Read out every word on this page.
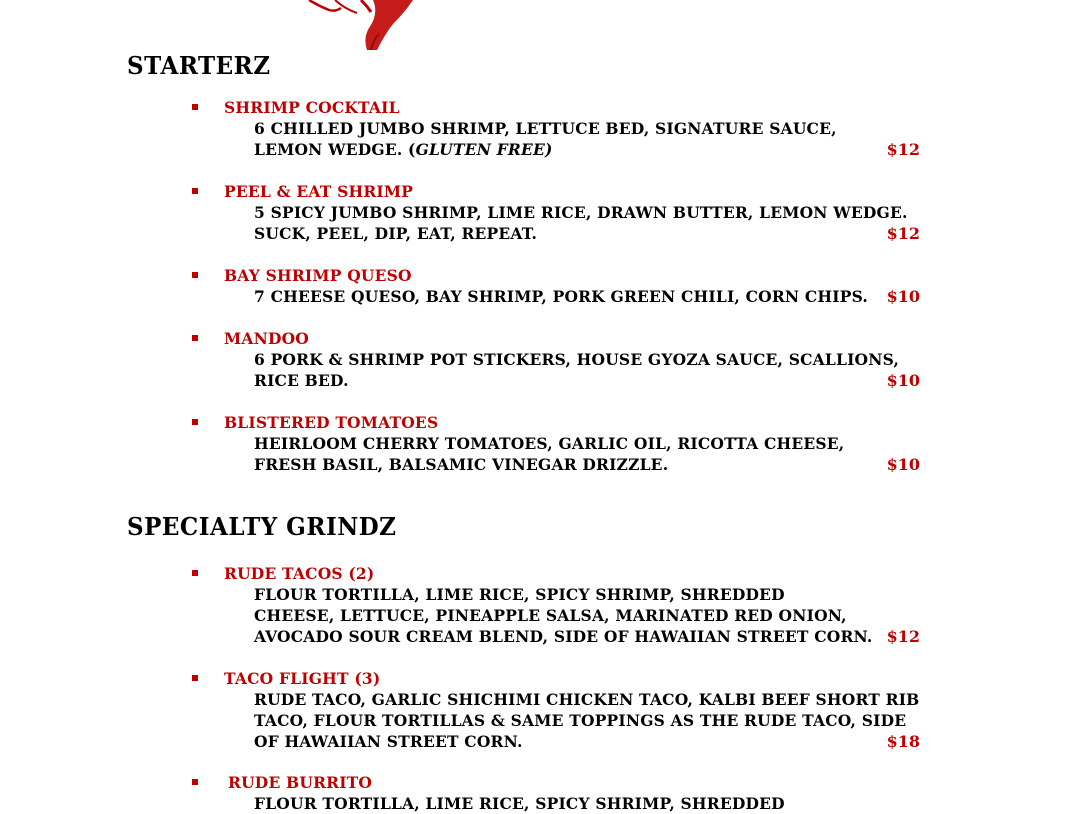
STARTERZ

SHRIMP COCKTAIL

6 CHILLED JUMBO SHRIMP, LETTUCE BED, SIGNATURE SAUCE,
LEMON WEDGE. (GLUTEN FREE)	$12

PEEL & EAT SHRIMP

5 SPICY JUMBO SHRIMP, LIME RICE, DRAWN BUTTER, LEMON WEDGE.
SUCK, PEEL, DIP, EAT, REPEAT.	$12

BAY SHRIMP QUESO

7 CHEESE QUESO, BAY SHRIMP, PORK GREEN CHILI, CORN CHIPS. $10

MANDOO

6 PORK & SHRIMP POT STICKERS, HOUSE GYOZA SAUCE, SCALLIONS,
RICE BED.	$10

BLISTERED TOMATOES

HEIRLOOM CHERRY TOMATOES, GARLIC OIL, RICOTTA CHEESE,
FRESH BASIL, BALSAMIC VINEGAR DRIZZLE.	$10

SPECIALTY GRINDZ

RUDE TACOS (2)

FLOUR TORTILLA, LIME RICE, SPICY SHRIMP, SHREDDED
CHEESE, LETTUCE, PINEAPPLE SALSA, MARINATED RED ONION,
AVOCADO SOUR CREAM BLEND, SIDE OF HAWAIIAN STREET CORN. $12

TACO FLIGHT (3)

RUDE TACO, GARLIC SHICHIMI CHICKEN TACO, KALBI BEEF SHORT RIB
TACO, FLOUR TORTILLAS & SAME TOPPINGS AS THE RUDE TACO, SIDE
OF HAWAIIAN STREET CORN.	$18

RUDE BURRITO

FLOUR TORTILLA, LIME RICE, SPICY SHRIMP, SHREDDED
